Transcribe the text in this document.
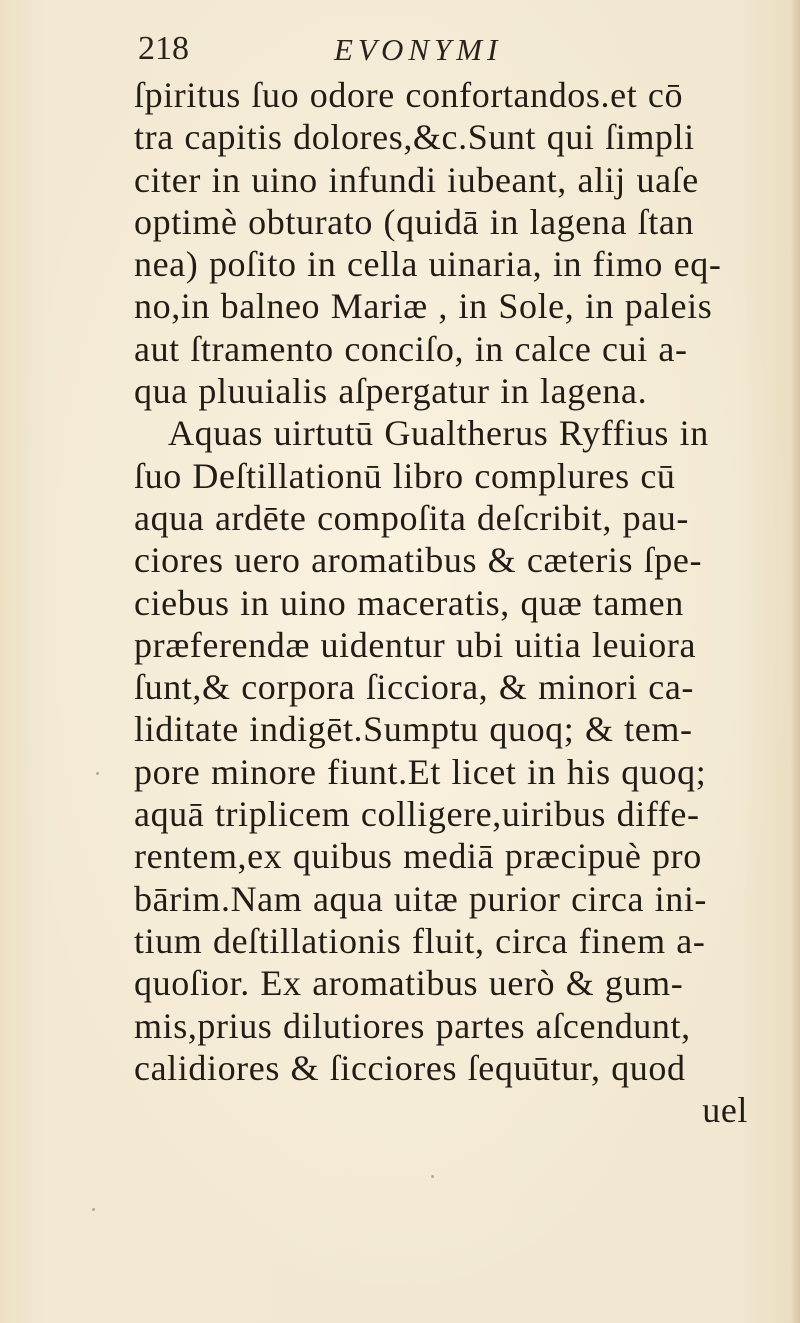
218	EVONYMI
ſpiritus ſuo odore confortandos.et cō
tra capitis dolores,&c.Sunt qui ſimpli
citer in uino infundi iubeant, alij uaſe
optimè obturato (quidā in lagena ſtan
nea) poſito in cella uinaria, in fimo eq-
no,in balneo Mariæ , in Sole, in paleis
aut ſtramento conciſo, in calce cui a-
qua pluuialis aſpergatur in lagena.
Aquas uirtutū Gualtherus Ryffius in
ſuo Deſtillationū libro complures cū
aqua ardēte compoſita deſcribit, pau-
ciores uero aromatibus & cæteris ſpe-
ciebus in uino maceratis, quæ tamen
præferendæ uidentur ubi uitia leuiora
ſunt,& corpora ſicciora, & minori ca-
liditate indigēt.Sumptu quoq; & tem-
pore minore fiunt.Et licet in his quoq;
aquā triplicem colligere,uiribus diffe-
rentem,ex quibus mediā præcipuè pro
bārim.Nam aqua uitæ purior circa ini-
tium deſtillationis fluit, circa finem a-
quoſior. Ex aromatibus uerò & gum-
mis,prius dilutiores partes aſcendunt,
calidiores & ſicciores ſequūtur, quod
uel
